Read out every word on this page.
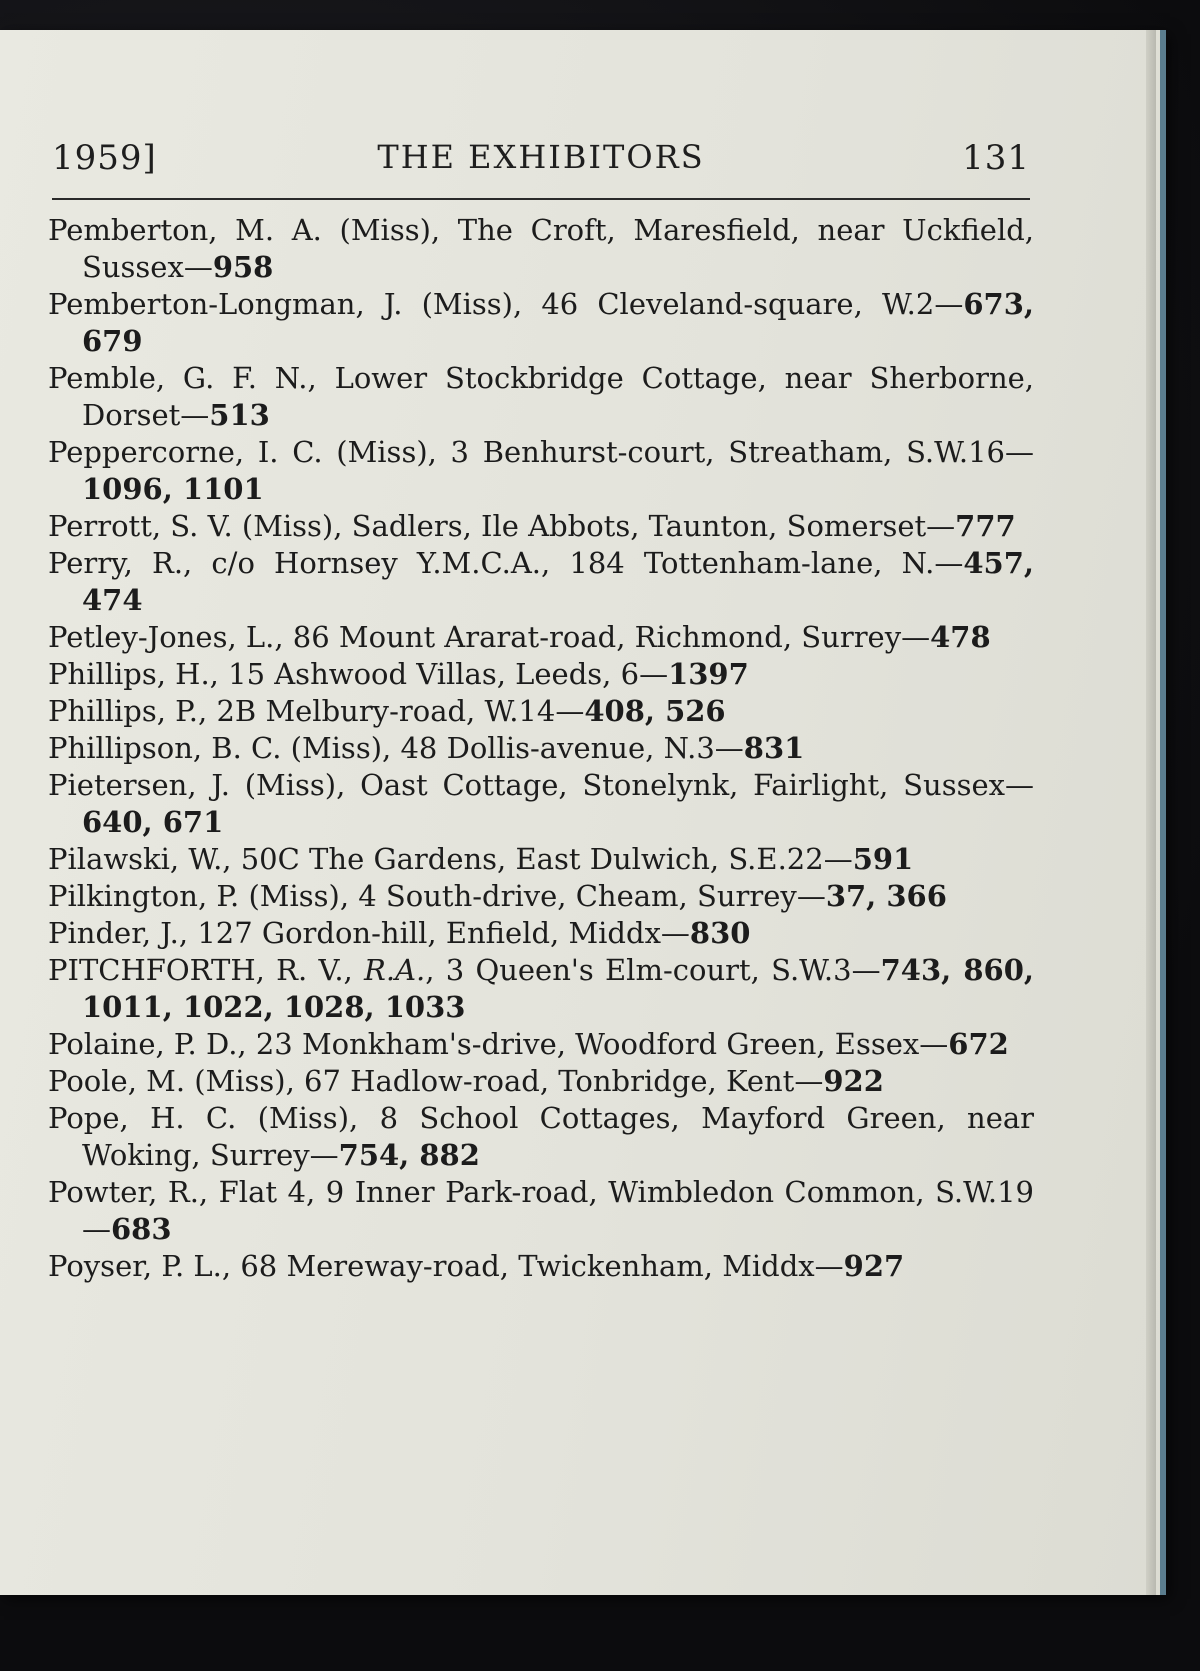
1959]	THE EXHIBITORS	131
Pemberton, M. A. (Miss), The Croft, Maresfield, near Uckfield, Sussex—958
Pemberton-Longman, J. (Miss), 46 Cleveland-square, W.2—673, 679
Pemble, G. F. N., Lower Stockbridge Cottage, near Sherborne, Dorset—513
Peppercorne, I. C. (Miss), 3 Benhurst-court, Streatham, S.W.16—1096, 1101
Perrott, S. V. (Miss), Sadlers, Ile Abbots, Taunton, Somerset—777
Perry, R., c/o Hornsey Y.M.C.A., 184 Tottenham-lane, N.—457, 474
Petley-Jones, L., 86 Mount Ararat-road, Richmond, Surrey—478
Phillips, H., 15 Ashwood Villas, Leeds, 6—1397
Phillips, P., 2B Melbury-road, W.14—408, 526
Phillipson, B. C. (Miss), 48 Dollis-avenue, N.3—831
Pietersen, J. (Miss), Oast Cottage, Stonelynk, Fairlight, Sussex—640, 671
Pilawski, W., 50C The Gardens, East Dulwich, S.E.22—591
Pilkington, P. (Miss), 4 South-drive, Cheam, Surrey—37, 366
Pinder, J., 127 Gordon-hill, Enfield, Middx—830
PITCHFORTH, R. V., R.A., 3 Queen's Elm-court, S.W.3—743, 860, 1011, 1022, 1028, 1033
Polaine, P. D., 23 Monkham's-drive, Woodford Green, Essex—672
Poole, M. (Miss), 67 Hadlow-road, Tonbridge, Kent—922
Pope, H. C. (Miss), 8 School Cottages, Mayford Green, near Woking, Surrey—754, 882
Powter, R., Flat 4, 9 Inner Park-road, Wimbledon Common, S.W.19—683
Poyser, P. L., 68 Mereway-road, Twickenham, Middx—927
